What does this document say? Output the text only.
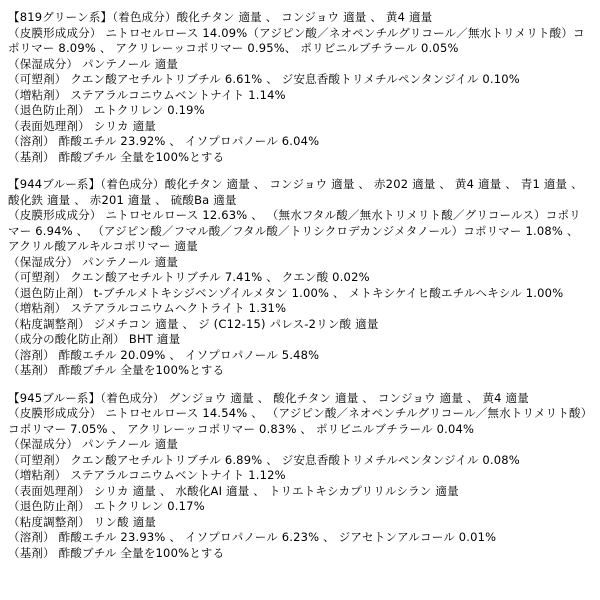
【819グリーン系】（着色成分）酸化チタン 適量 、 コンジョウ 適量 、 黄4 適量
（皮膜形成成分） ニトロセルロース 14.09%（アジピン酸／ネオペンチルグリコール／無水トリメリト酸）コポリマー 8.09% 、 アクリレーッコポリマー 0.95%、 ポリビニルブチラール 0.05%
（保湿成分） パンテノール 適量
（可塑剤） クエン酸アセチルトリブチル 6.61% 、 ジ安息香酸トリメチルペンタンジイル 0.10%
（増粘剤） ステアラルコニウムベントナイト 1.14%
（退色防止剤） エトクリレン 0.19%
（表面処理剤） シリカ 適量
（溶剤） 酢酸エチル 23.92% 、 イソプロパノール 6.04%
（基剤） 酢酸ブチル 全量を100%とする
【944ブルー系】（着色成分）酸化チタン 適量 、 コンジョウ 適量 、 赤202 適量 、 黄4 適量 、 青1 適量 、 酸化鉄 適量 、 赤201 適量 、 硫酸Ba 適量
（皮膜形成成分） ニトロセルロース 12.63% 、 （無水フタル酸／無水トリメリト酸／グリコールス）コポリマー 6.94% 、 （アジピン酸／フマル酸／フタル酸／トリシクロデカンジメタノール）コポリマー 1.08% 、 アクリル酸アルキルコポリマー 適量
（保湿成分） パンテノール 適量
（可塑剤） クエン酸アセチルトリブチル 7.41% 、 クエン酸 0.02%
（退色防止剤） t-ブチルメトキシジベンゾイルメタン 1.00% 、 メトキシケイヒ酸エチルヘキシル 1.00%
（増粘剤） ステアラルコニウムヘクトライト 1.31%
（粘度調整剤） ジメチコン 適量 、 ジ (C12-15) パレス-2リン酸 適量
（成分の酸化防止剤） BHT 適量
（溶剤） 酢酸エチル 20.09% 、 イソプロパノール 5.48%
（基剤） 酢酸ブチル 全量を100%とする
【945ブルー系】（着色成分） グンジョウ 適量 、 酸化チタン 適量 、 コンジョウ 適量 、 黄4 適量
（皮膜形成成分） ニトロセルロース 14.54% 、 （アジピン酸／ネオペンチルグリコール／無水トリメリト酸）コポリマー 7.05% 、 アクリレーッコポリマー 0.83% 、 ポリビニルブチラール 0.04%
（保湿成分） パンテノール 適量
（可塑剤） クエン酸アセチルトリブチル 6.89% 、 ジ安息香酸トリメチルペンタンジイル 0.08%
（増粘剤） ステアラルコニウムベントナイト 1.12%
（表面処理剤） シリカ 適量 、 水酸化AI 適量 、 トリエトキシカプリリルシラン 適量
（退色防止剤） エトクリレン 0.17%
（粘度調整剤） リン酸 適量
（溶剤） 酢酸エチル 23.93% 、 イソプロパノール 6.23% 、 ジアセトンアルコール 0.01%
（基剤） 酢酸ブチル 全量を100%とする
